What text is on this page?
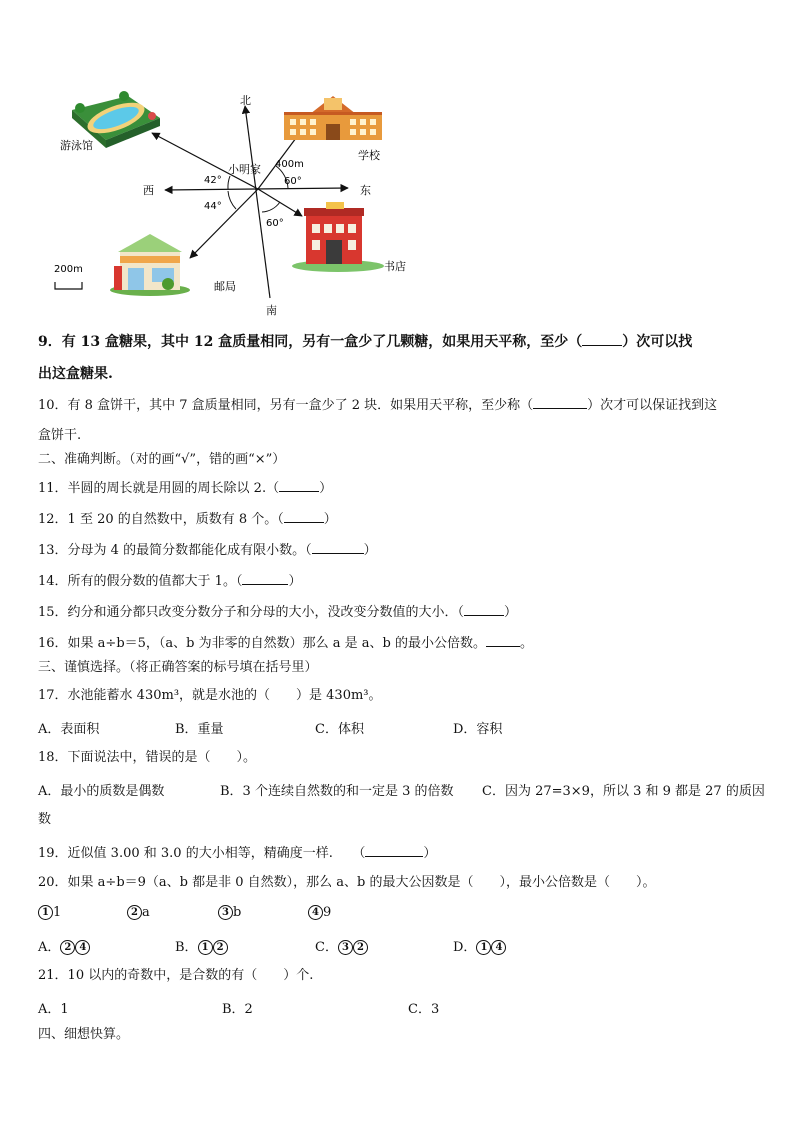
北
南
东
西
小明家 400m
42°	60°
44°
60°
游泳馆
学校
书店
邮局
200m
9．有 13 盒糖果，其中 12 盒质量相同，另有一盒少了几颗糖，如果用天平称，至少（	）次可以找
出这盒糖果.
10．有 8 盒饼干，其中 7 盒质量相同，另有一盒少了 2 块．如果用天平称，至少称（	）次才可以保证找到这
盒饼干.
二、准确判断。（对的画“√”，错的画“×”）
11．半圆的周长就是用圆的周长除以 2.（	）
12．1 至 20 的自然数中，质数有 8 个。（	）
13．分母为 4 的最简分数都能化成有限小数。（	）
14．所有的假分数的值都大于 1。（	）
15．约分和通分都只改变分数分子和分母的大小，没改变分数值的大小．（	）
16．如果 a÷b＝5，（a、b 为非零的自然数）那么 a 是 a、b 的最小公倍数。	。
三、谨慎选择。（将正确答案的标号填在括号里）
17．水池能蓄水 430m³，就是水池的（　　）是 430m³。
A．表面积	B．重量	C．体积	D．容积
18．下面说法中，错误的是（　　）。
A．最小的质数是偶数	B．3 个连续自然数的和一定是 3 的倍数 C．因为 27=3×9，所以 3 和 9 都是 27 的质因
数
19．近似值 3.00 和 3.0 的大小相等，精确度一样.　　（	）
20．如果 a÷b＝9（a、b 都是非 0 自然数），那么 a、b 的最大公因数是（　　），最小公倍数是（　　）。
1 1	2 a	3 b	4 9
A． 2 4	B． 1 2	C． 3 2	D． 1 4
21．10 以内的奇数中，是合数的有（　　）个.
A．1	B．2	C．3
四、细想快算。
